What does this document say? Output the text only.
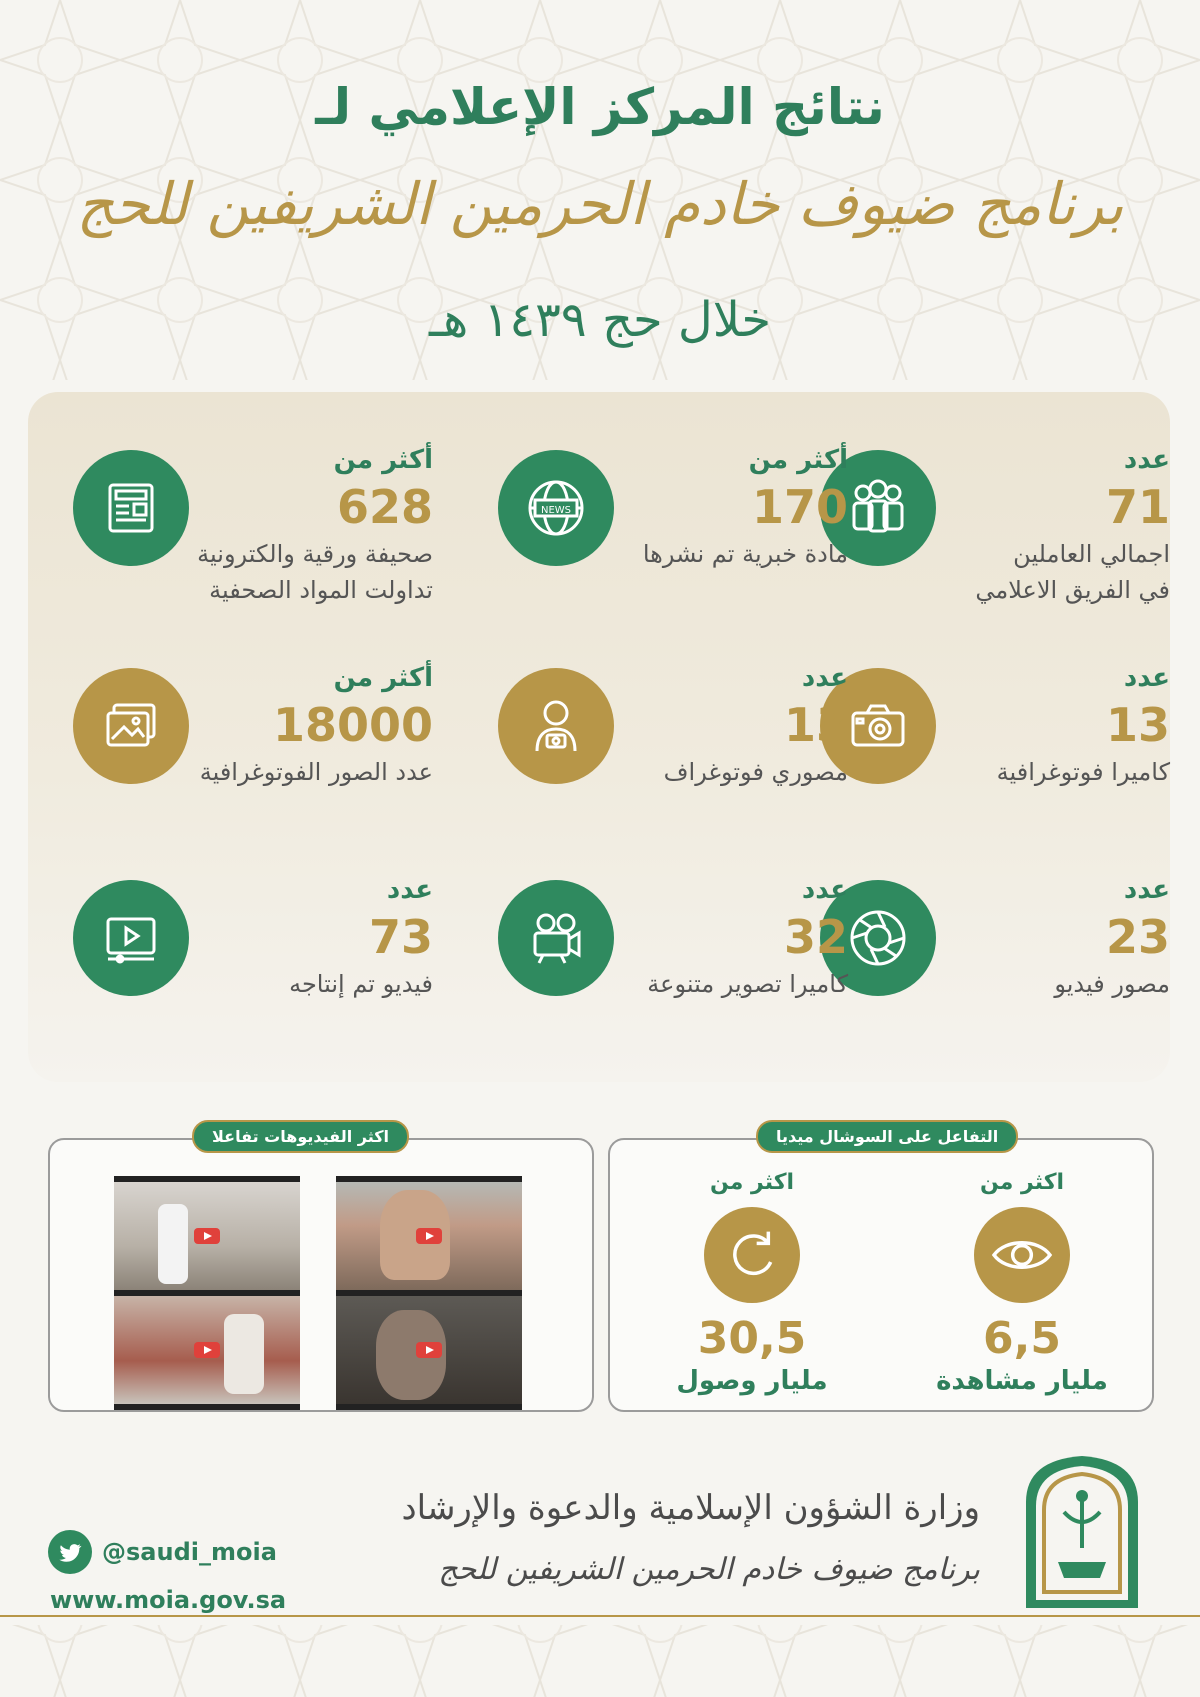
نتائج المركز الإعلامي لـ
برنامج ضيوف خادم الحرمين الشريفين للحج
خلال حج ١٤٣٩ هـ
عدد
71
اجمالي العاملين
في الفريق الاعلامي
أكثر من
170
مادة خبرية تم نشرها
NEWS
أكثر من
628
صحيفة ورقية والكترونية
تداولت المواد الصحفية
عدد
13
كاميرا فوتوغرافية
عدد
13
مصوري فوتوغراف
أكثر من
18000
عدد الصور الفوتوغرافية
عدد
23
مصور فيديو
عدد
32
كاميرا تصوير متنوعة
عدد
73
فيديو تم إنتاجه
اكثر الفيديوهات تفاعلا	التفاعل على السوشال ميديا
اكثر من
6,5
مليار مشاهدة
اكثر من
30,5
مليار وصول
@saudi_moia
www.moia.gov.sa
وزارة الشؤون الإسلامية والدعوة والإرشاد
برنامج ضيوف خادم الحرمين الشريفين للحج
